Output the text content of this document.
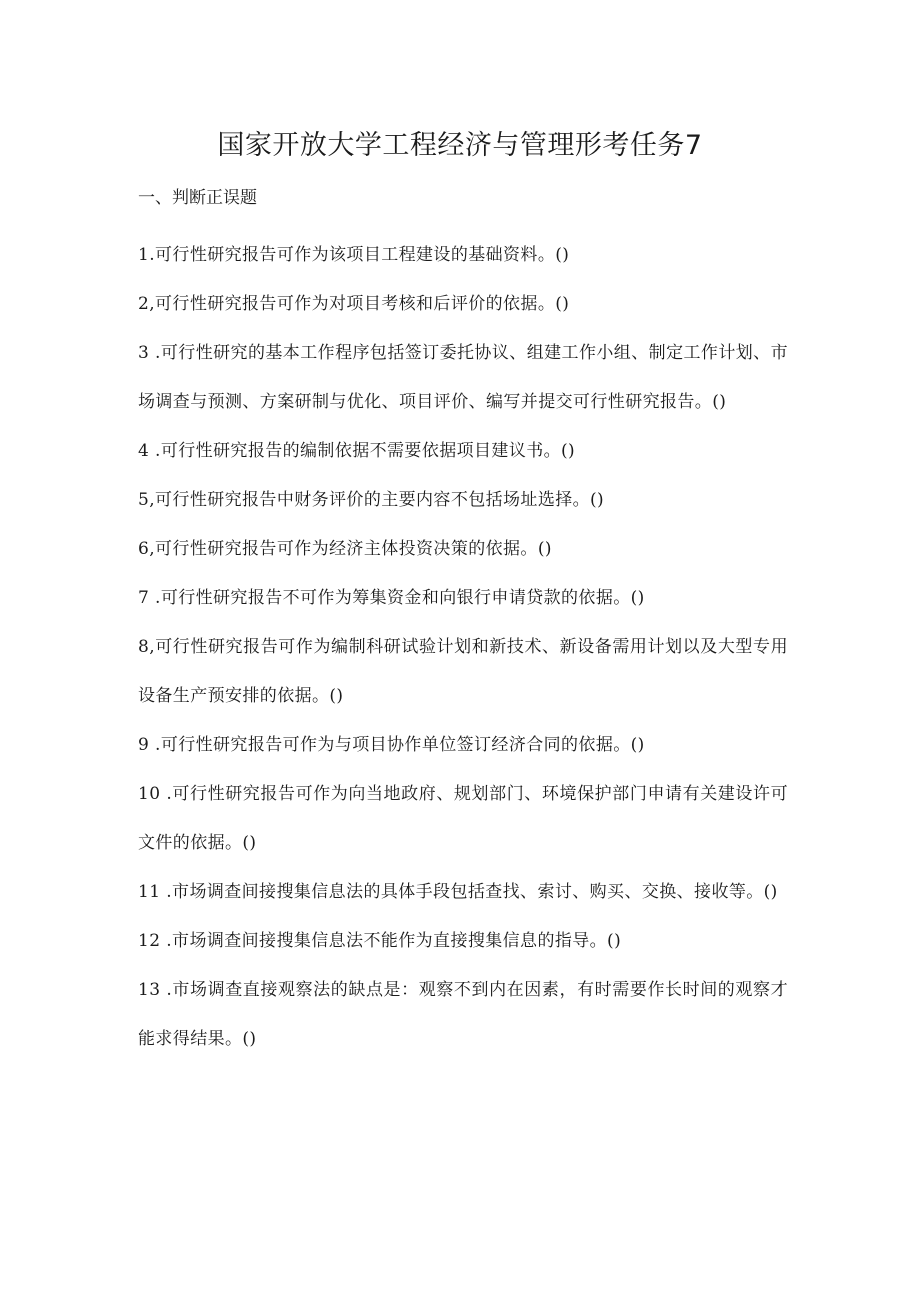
国家开放大学工程经济与管理形考任务7
一、判断正误题
1.可行性研究报告可作为该项目工程建设的基础资料。()
2,可行性研究报告可作为对项目考核和后评价的依据。()
3 .可行性研究的基本工作程序包括签订委托协议、组建工作小组、制定工作计划、市场调查与预测、方案研制与优化、项目评价、编写并提交可行性研究报告。()
4 .可行性研究报告的编制依据不需要依据项目建议书。()
5,可行性研究报告中财务评价的主要内容不包括场址选择。()
6,可行性研究报告可作为经济主体投资决策的依据。()
7 .可行性研究报告不可作为筹集资金和向银行申请贷款的依据。()
8,可行性研究报告可作为编制科研试验计划和新技术、新设备需用计划以及大型专用设备生产预安排的依据。()
9 .可行性研究报告可作为与项目协作单位签订经济合同的依据。()
10 .可行性研究报告可作为向当地政府、规划部门、环境保护部门申请有关建设许可文件的依据。()
11 .市场调查间接搜集信息法的具体手段包括查找、索讨、购买、交换、接收等。()
12 .市场调查间接搜集信息法不能作为直接搜集信息的指导。()
13 .市场调查直接观察法的缺点是：观察不到内在因素，有时需要作长时间的观察才能求得结果。()
